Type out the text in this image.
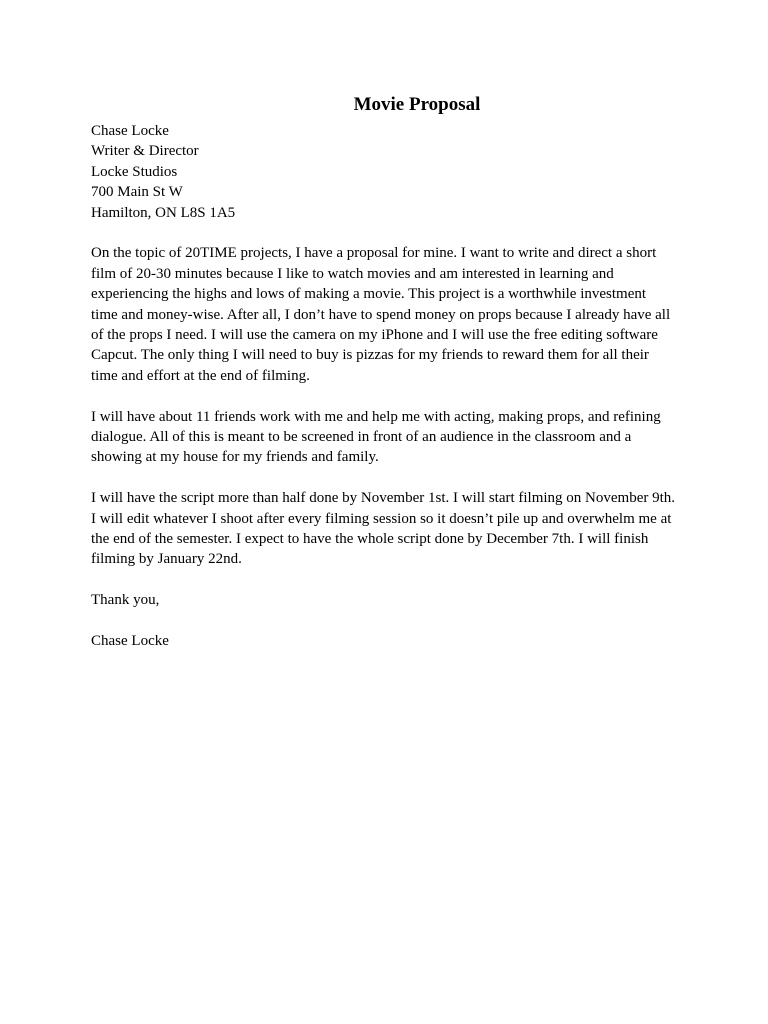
Movie Proposal
Chase Locke
Writer & Director
Locke Studios
700 Main St W
Hamilton, ON L8S 1A5
On the topic of 20TIME projects, I have a proposal for mine. I want to write and direct a short
film of 20-30 minutes because I like to watch movies and am interested in learning and
experiencing the highs and lows of making a movie. This project is a worthwhile investment
time and money-wise. After all, I don’t have to spend money on props because I already have all
of the props I need. I will use the camera on my iPhone and I will use the free editing software
Capcut. The only thing I will need to buy is pizzas for my friends to reward them for all their
time and effort at the end of filming.
I will have about 11 friends work with me and help me with acting, making props, and refining
dialogue. All of this is meant to be screened in front of an audience in the classroom and a
showing at my house for my friends and family.
I will have the script more than half done by November 1st. I will start filming on November 9th.
I will edit whatever I shoot after every filming session so it doesn’t pile up and overwhelm me at
the end of the semester. I expect to have the whole script done by December 7th. I will finish
filming by January 22nd.

Thank you,

Chase Locke
